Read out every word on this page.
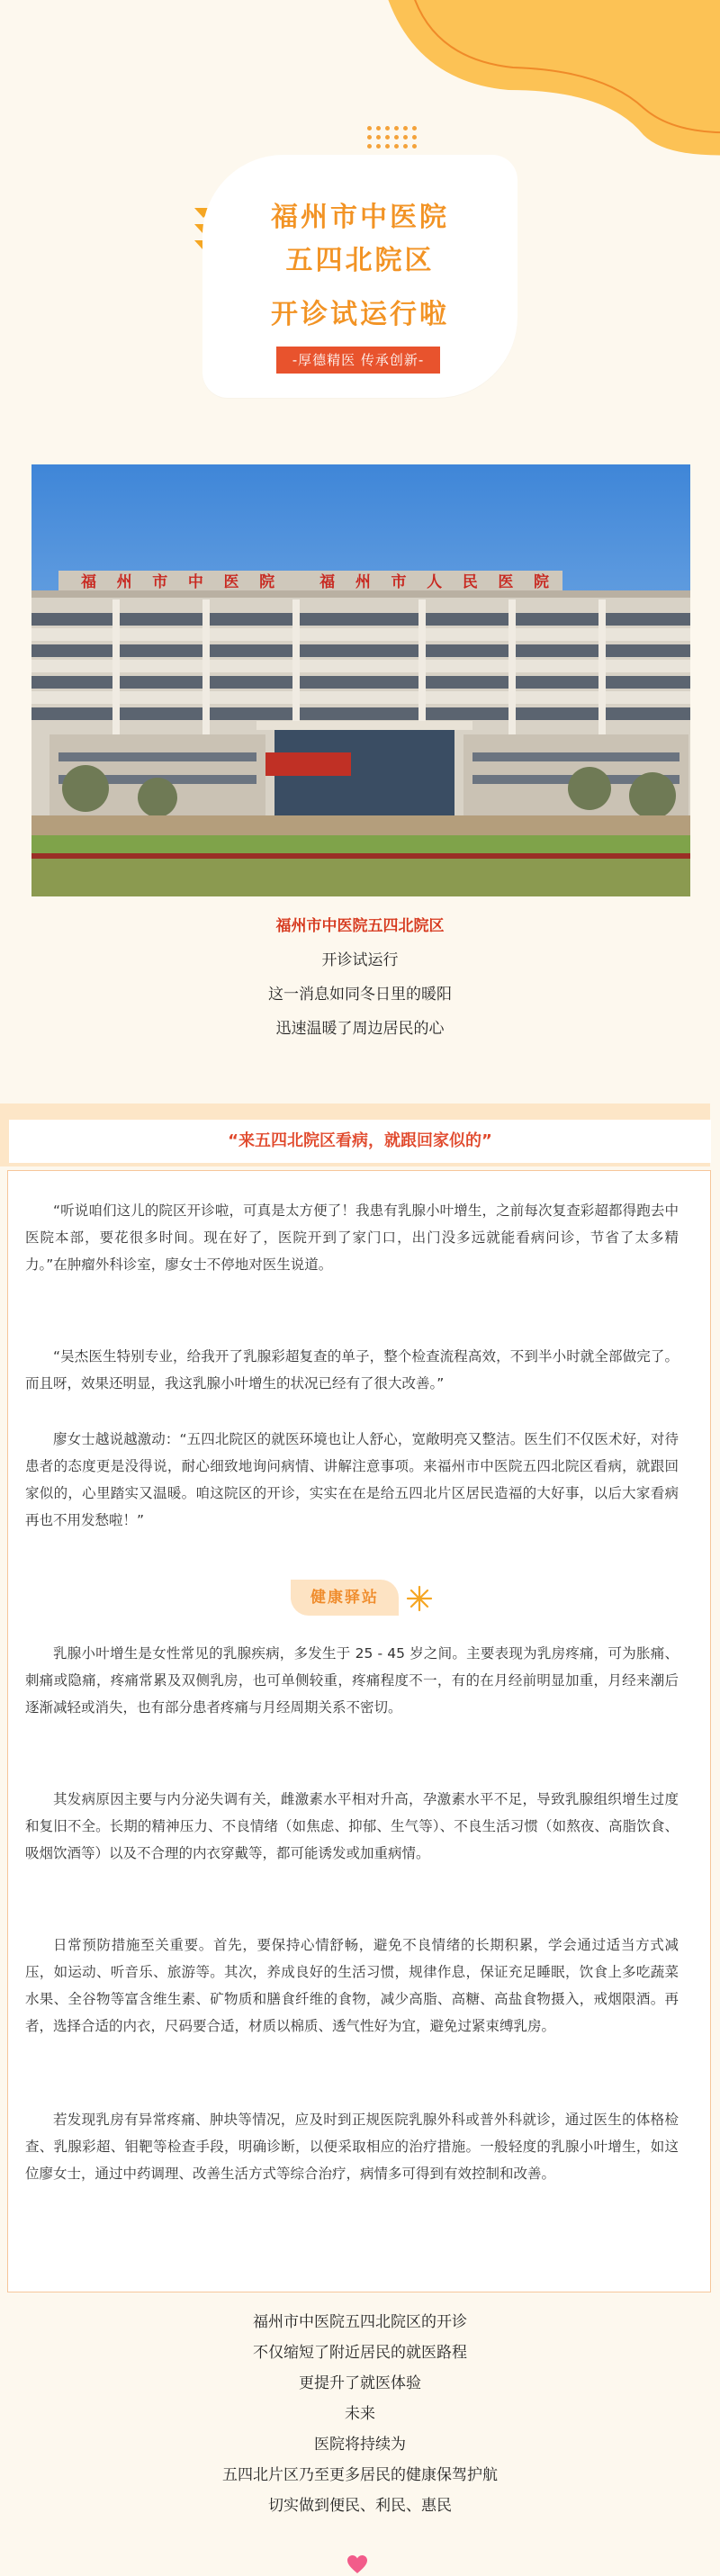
福州市中医院
五四北院区
开诊试运行啦
-厚德精医 传承创新-
福州市中医院 福州市人民医院
福州市中医院五四北院区
开诊试运行
这一消息如同冬日里的暖阳
迅速温暖了周边居民的心
“来五四北院区看病，就跟回家似的”

“听说咱们这儿的院区开诊啦，可真是太方便了！我患有乳腺小叶增生，之前每次复查彩超都得跑去中医院本部，要花很多时间。现在好了，医院开到了家门口，出门没多远就能看病问诊，节省了太多精力。”在肿瘤外科诊室，廖女士不停地对医生说道。

“吴杰医生特别专业，给我开了乳腺彩超复查的单子，整个检查流程高效，不到半小时就全部做完了。而且呀，效果还明显，我这乳腺小叶增生的状况已经有了很大改善。”

廖女士越说越激动：“五四北院区的就医环境也让人舒心，宽敞明亮又整洁。医生们不仅医术好，对待患者的态度更是没得说，耐心细致地询问病情、讲解注意事项。来福州市中医院五四北院区看病，就跟回家似的，心里踏实又温暖。咱这院区的开诊，实实在在是给五四北片区居民造福的大好事，以后大家看病再也不用发愁啦！”

健康驿站

乳腺小叶增生是女性常见的乳腺疾病，多发生于 25 - 45 岁之间。主要表现为乳房疼痛，可为胀痛、刺痛或隐痛，疼痛常累及双侧乳房，也可单侧较重，疼痛程度不一，有的在月经前明显加重，月经来潮后逐渐减轻或消失，也有部分患者疼痛与月经周期关系不密切。

其发病原因主要与内分泌失调有关，雌激素水平相对升高，孕激素水平不足，导致乳腺组织增生过度和复旧不全。长期的精神压力、不良情绪（如焦虑、抑郁、生气等）、不良生活习惯（如熬夜、高脂饮食、吸烟饮酒等）以及不合理的内衣穿戴等，都可能诱发或加重病情。

日常预防措施至关重要。首先，要保持心情舒畅，避免不良情绪的长期积累，学会通过适当方式减压，如运动、听音乐、旅游等。其次，养成良好的生活习惯，规律作息，保证充足睡眠，饮食上多吃蔬菜水果、全谷物等富含维生素、矿物质和膳食纤维的食物，减少高脂、高糖、高盐食物摄入，戒烟限酒。再者，选择合适的内衣，尺码要合适，材质以棉质、透气性好为宜，避免过紧束缚乳房。

若发现乳房有异常疼痛、肿块等情况，应及时到正规医院乳腺外科或普外科就诊，通过医生的体格检查、乳腺彩超、钼靶等检查手段，明确诊断，以便采取相应的治疗措施。一般轻度的乳腺小叶增生，如这位廖女士，通过中药调理、改善生活方式等综合治疗，病情多可得到有效控制和改善。

福州市中医院五四北院区的开诊
不仅缩短了附近居民的就医路程
更提升了就医体验
未来
医院将持续为
五四北片区乃至更多居民的健康保驾护航
切实做到便民、利民、惠民
